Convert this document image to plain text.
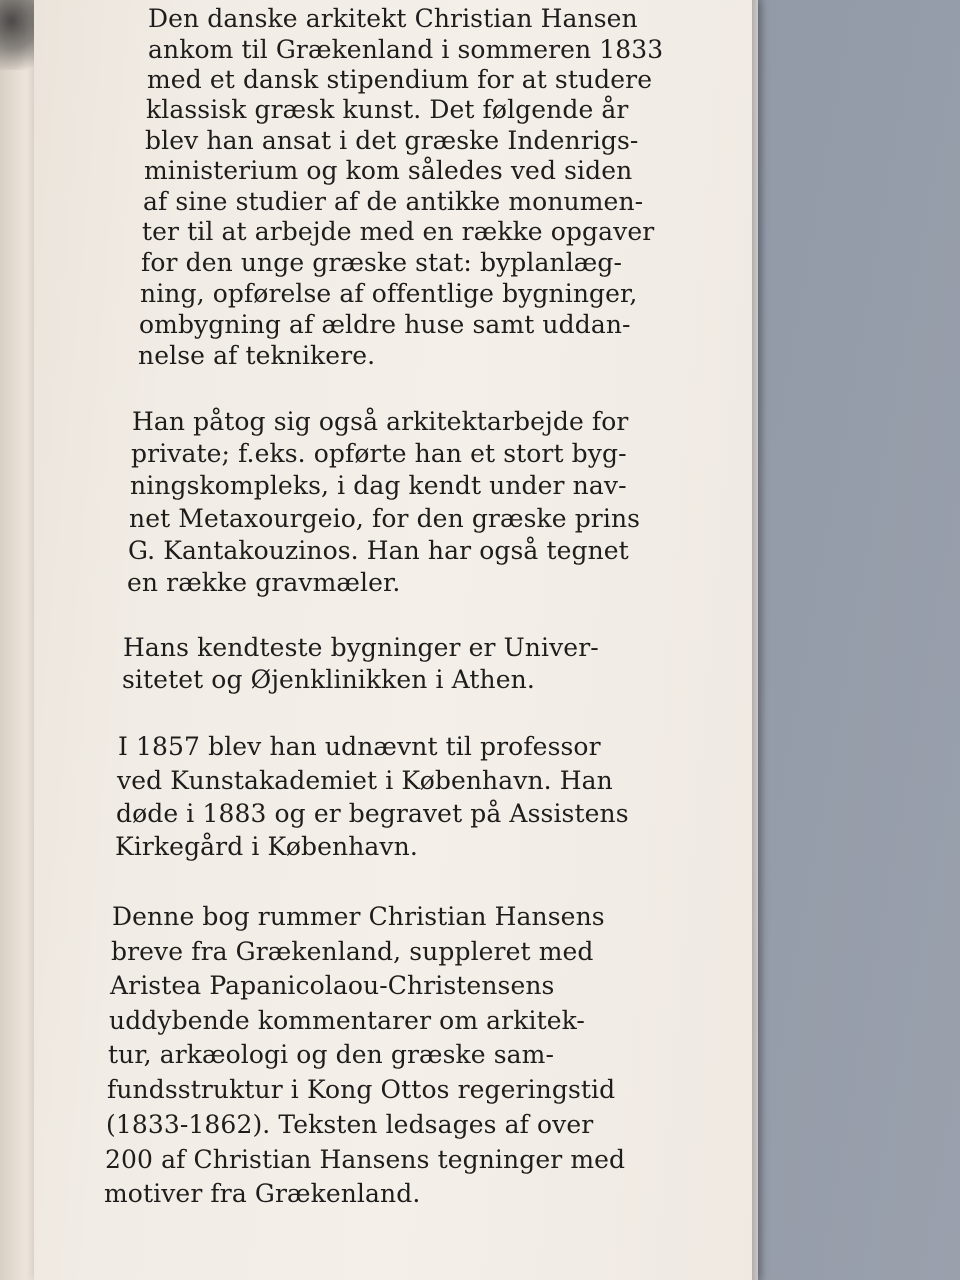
Den danske arkitekt Christian Hansen
ankom til Grækenland i sommeren 1833
med et dansk stipendium for at studere
klassisk græsk kunst. Det følgende år
blev han ansat i det græske Indenrigs-
ministerium og kom således ved siden
af sine studier af de antikke monumen-
ter til at arbejde med en række opgaver
for den unge græske stat: byplanlæg-
ning, opførelse af offentlige bygninger,
ombygning af ældre huse samt uddan-
nelse af teknikere.
Han påtog sig også arkitektarbejde for
private; f.eks. opførte han et stort byg-
ningskompleks, i dag kendt under nav-
net Metaxourgeio, for den græske prins
G. Kantakouzinos. Han har også tegnet
en række gravmæler.
Hans kendteste bygninger er Univer-
sitetet og Øjenklinikken i Athen.
I 1857 blev han udnævnt til professor
ved Kunstakademiet i København. Han
døde i 1883 og er begravet på Assistens
Kirkegård i København.
Denne bog rummer Christian Hansens
breve fra Grækenland, suppleret med
Aristea Papanicolaou-Christensens
uddybende kommentarer om arkitek-
tur, arkæologi og den græske sam-
fundsstruktur i Kong Ottos regeringstid
(1833-1862). Teksten ledsages af over
200 af Christian Hansens tegninger med
motiver fra Grækenland.
